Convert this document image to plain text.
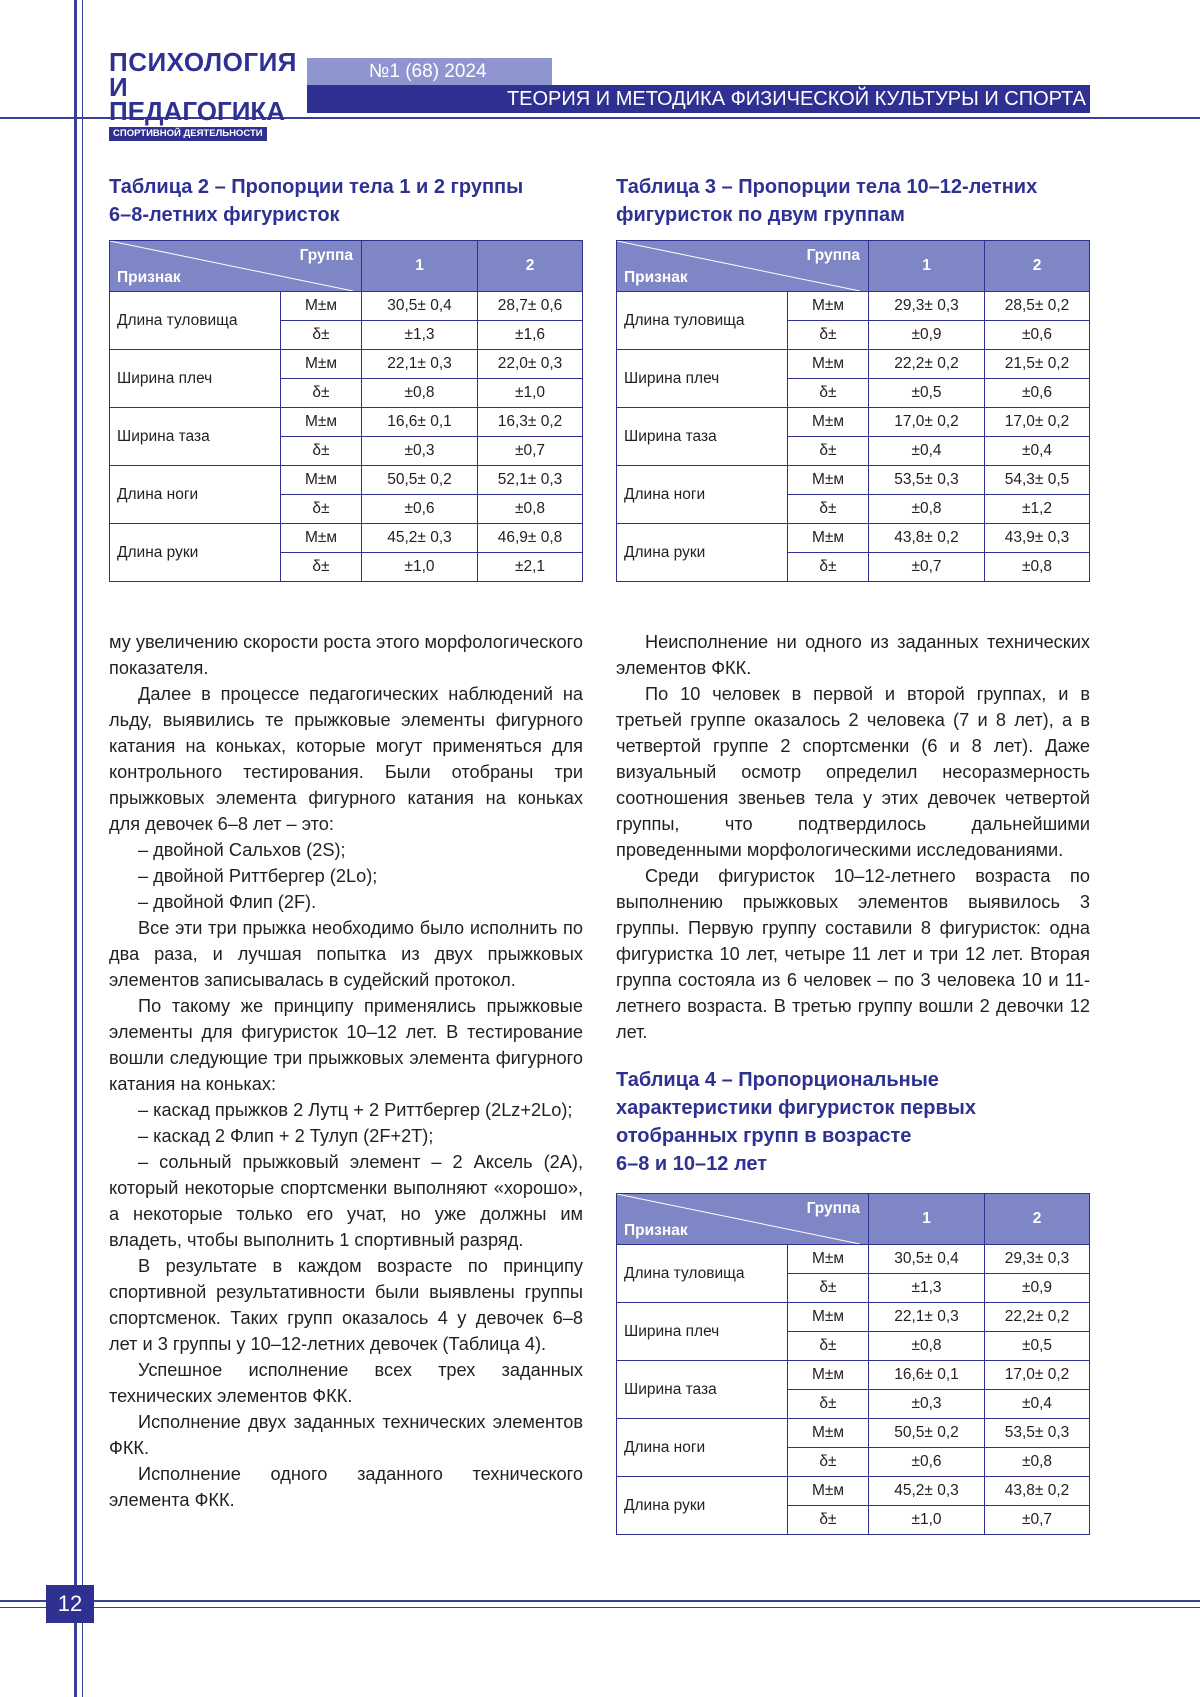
ПСИХОЛОГИЯ
И ПЕДАГОГИКА
СПОРТИВНОЙ ДЕЯТЕЛЬНОСТИ
№1 (68) 2024
ТЕОРИЯ И МЕТОДИКА ФИЗИЧЕСКОЙ КУЛЬТУРЫ И СПОРТА
Таблица 2 – Пропорции тела 1 и 2 группы
6–8-летних фигуристок
Группа
Признак		1	2
Длина туловища	М±м	30,5± 0,4	28,7± 0,6
	δ±	±1,3	±1,6
Ширина плеч	М±м	22,1± 0,3	22,0± 0,3
	δ±	±0,8	±1,0
Ширина таза	М±м	16,6± 0,1	16,3± 0,2
	δ±	±0,3	±0,7
Длина ноги	М±м	50,5± 0,2	52,1± 0,3
	δ±	±0,6	±0,8
Длина руки	М±м	45,2± 0,3	46,9± 0,8
	δ±	±1,0	±2,1
Таблица 3 – Пропорции тела 10–12-летних
фигуристок по двум группам
Группа
Признак		1	2
Длина туловища	М±м	29,3± 0,3	28,5± 0,2
	δ±	±0,9	±0,6
Ширина плеч	М±м	22,2± 0,2	21,5± 0,2
	δ±	±0,5	±0,6
Ширина таза	М±м	17,0± 0,2	17,0± 0,2
	δ±	±0,4	±0,4
Длина ноги	М±м	53,5± 0,3	54,3± 0,5
	δ±	±0,8	±1,2
Длина руки	М±м	43,8± 0,2	43,9± 0,3
	δ±	±0,7	±0,8

му увеличению скорости роста этого морфологического показателя.

Далее в процессе педагогических наблюдений на льду, выявились те прыжковые элементы фигурного катания на коньках, которые могут применяться для контрольного тестирования. Были отобраны три прыжковых элемента фигурного катания на коньках для девочек 6–8 лет – это:

– двойной Сальхов (2S);

– двойной Риттбергер (2Lo);

– двойной Флип (2F).

Все эти три прыжка необходимо было исполнить по два раза, и лучшая попытка из двух прыжковых элементов записывалась в судейский протокол.

По такому же принципу применялись прыжковые элементы для фигуристок 10–12 лет. В тестирование вошли следующие три прыжковых элемента фигурного катания на коньках:

– каскад прыжков 2 Лутц + 2 Риттбергер (2Lz+2Lo);

– каскад 2 Флип + 2 Тулуп (2F+2T);

– сольный прыжковый элемент – 2 Аксель (2A), который некоторые спортсменки выполняют «хорошо», а некоторые только его учат, но уже должны им владеть, чтобы выполнить 1 спортивный разряд.

В результате в каждом возрасте по принципу спортивной результативности были выявлены группы спортсменок. Таких групп оказалось 4 у девочек 6–8 лет и 3 группы у 10–12-летних девочек (Таблица 4).

Успешное исполнение всех трех заданных технических элементов ФКК.

Исполнение двух заданных технических элементов ФКК.

Исполнение одного заданного технического элемента ФКК.

Неисполнение ни одного из заданных технических элементов ФКК.

По 10 человек в первой и второй группах, и в третьей группе оказалось 2 человека (7 и 8 лет), а в четвертой группе 2 спортсменки (6 и 8 лет). Даже визуальный осмотр определил несоразмерность соотношения звеньев тела у этих девочек четвертой группы, что подтвердилось дальнейшими проведенными морфологическими исследованиями.

Среди фигуристок 10–12-летнего возраста по выполнению прыжковых элементов выявилось 3 группы. Первую группу составили 8 фигуристок: одна фигуристка 10 лет, четыре 11 лет и три 12 лет. Вторая группа состояла из 6 человек – по 3 человека 10 и 11-летнего возраста. В третью группу вошли 2 девочки 12 лет.

Таблица 4 – Пропорциональные
характеристики фигуристок первых
отобранных групп в возрасте
6–8 и 10–12 лет
Группа
Признак		1	2
Длина туловища	М±м	30,5± 0,4	29,3± 0,3
	δ±	±1,3	±0,9
Ширина плеч	М±м	22,1± 0,3	22,2± 0,2
	δ±	±0,8	±0,5
Ширина таза	М±м	16,6± 0,1	17,0± 0,2
	δ±	±0,3	±0,4
Длина ноги	М±м	50,5± 0,2	53,5± 0,3
	δ±	±0,6	±0,8
Длина руки	М±м	45,2± 0,3	43,8± 0,2
	δ±	±1,0	±0,7
12
